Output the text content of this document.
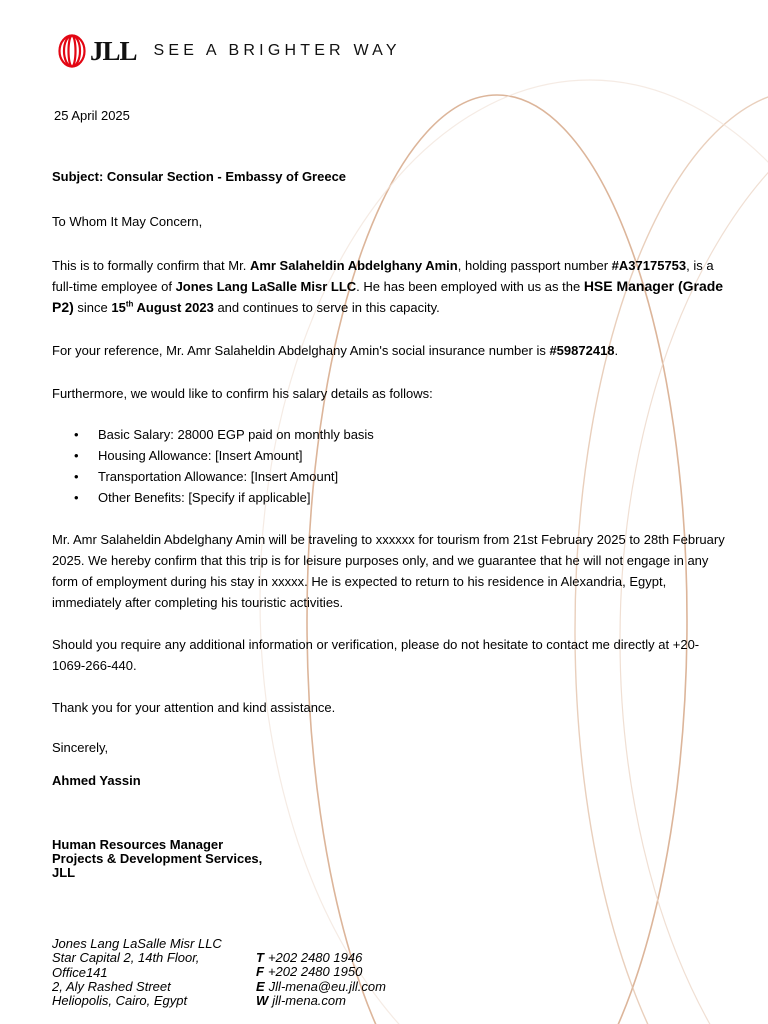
JLL SEE A BRIGHTER WAY
25 April 2025
Subject: Consular Section - Embassy of Greece
To Whom It May Concern,
This is to formally confirm that Mr. Amr Salaheldin Abdelghany Amin, holding passport number #A37175753, is a full-time employee of Jones Lang LaSalle Misr LLC. He has been employed with us as the HSE Manager (Grade P2) since 15th August 2023 and continues to serve in this capacity.
For your reference, Mr. Amr Salaheldin Abdelghany Amin's social insurance number is #59872418.
Furthermore, we would like to confirm his salary details as follows:
• Basic Salary: 28000 EGP paid on monthly basis
• Housing Allowance: [Insert Amount]
• Transportation Allowance: [Insert Amount]
• Other Benefits: [Specify if applicable]
Mr. Amr Salaheldin Abdelghany Amin will be traveling to xxxxxx for tourism from 21st February 2025 to 28th February 2025. We hereby confirm that this trip is for leisure purposes only, and we guarantee that he will not engage in any form of employment during his stay in xxxxx. He is expected to return to his residence in Alexandria, Egypt, immediately after completing his touristic activities.
Should you require any additional information or verification, please do not hesitate to contact me directly at +20-1069-266-440.
Thank you for your attention and kind assistance.
Sincerely,
Ahmed Yassin
Human Resources Manager
Projects & Development Services,
JLL
Jones Lang LaSalle Misr LLC
Star Capital 2, 14th Floor,
Office141
2, Aly Rashed Street
Heliopolis, Cairo, Egypt
T +202 2480 1946
F +202 2480 1950
E Jll-mena@eu.jll.com
W jll-mena.com
